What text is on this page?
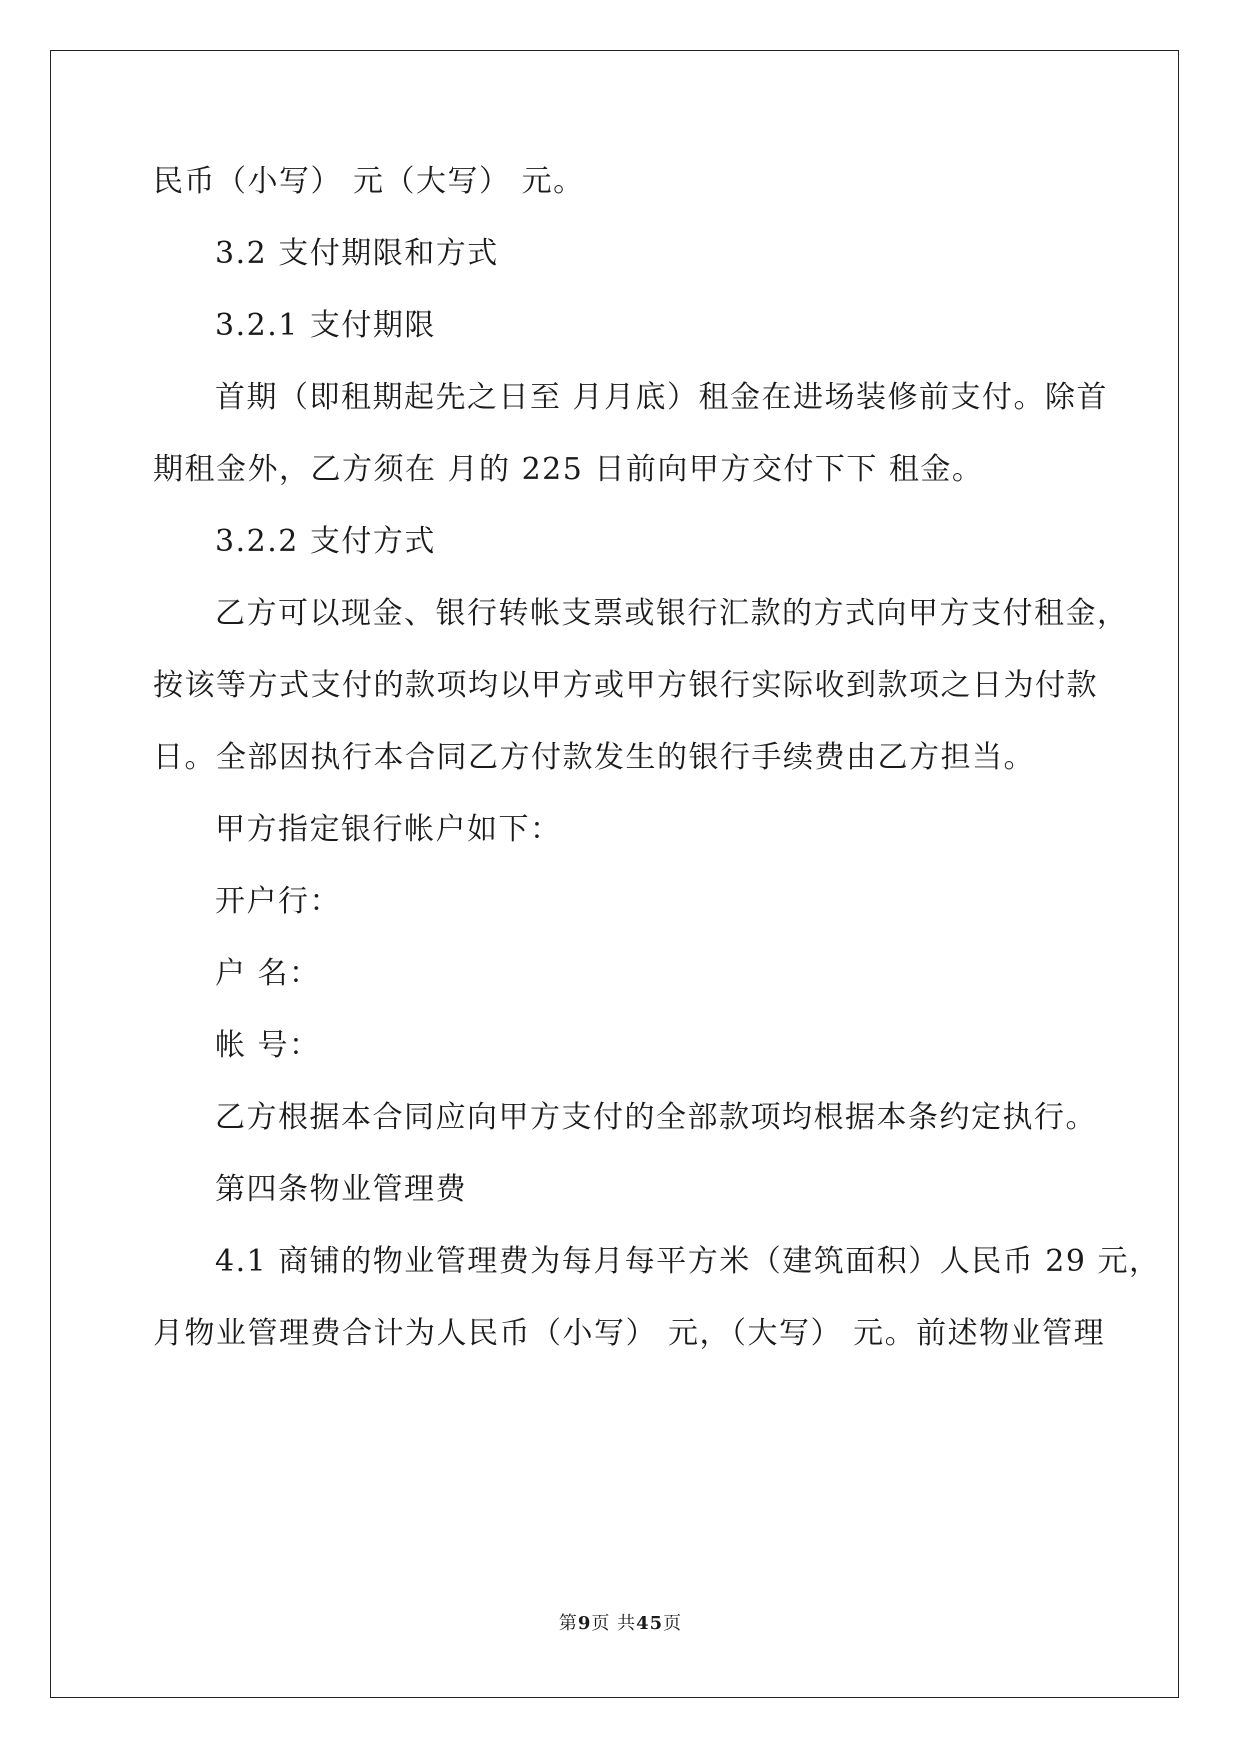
民币（小写） 元（大写） 元。
3.2 支付期限和方式
3.2.1 支付期限
首期（即租期起先之日至 月月底）租金在进场装修前支付。除首
期租金外，乙方须在 月的 225 日前向甲方交付下下 租金。
3.2.2 支付方式
乙方可以现金、银行转帐支票或银行汇款的方式向甲方支付租金，
按该等方式支付的款项均以甲方或甲方银行实际收到款项之日为付款
日。全部因执行本合同乙方付款发生的银行手续费由乙方担当。
甲方指定银行帐户如下：
开户行：
户 名：
帐 号：
乙方根据本合同应向甲方支付的全部款项均根据本条约定执行。
第四条物业管理费
4.1 商铺的物业管理费为每月每平方米（建筑面积）人民币 29 元，
月物业管理费合计为人民币（小写） 元，（大写） 元。前述物业管理
第9页 共45页
